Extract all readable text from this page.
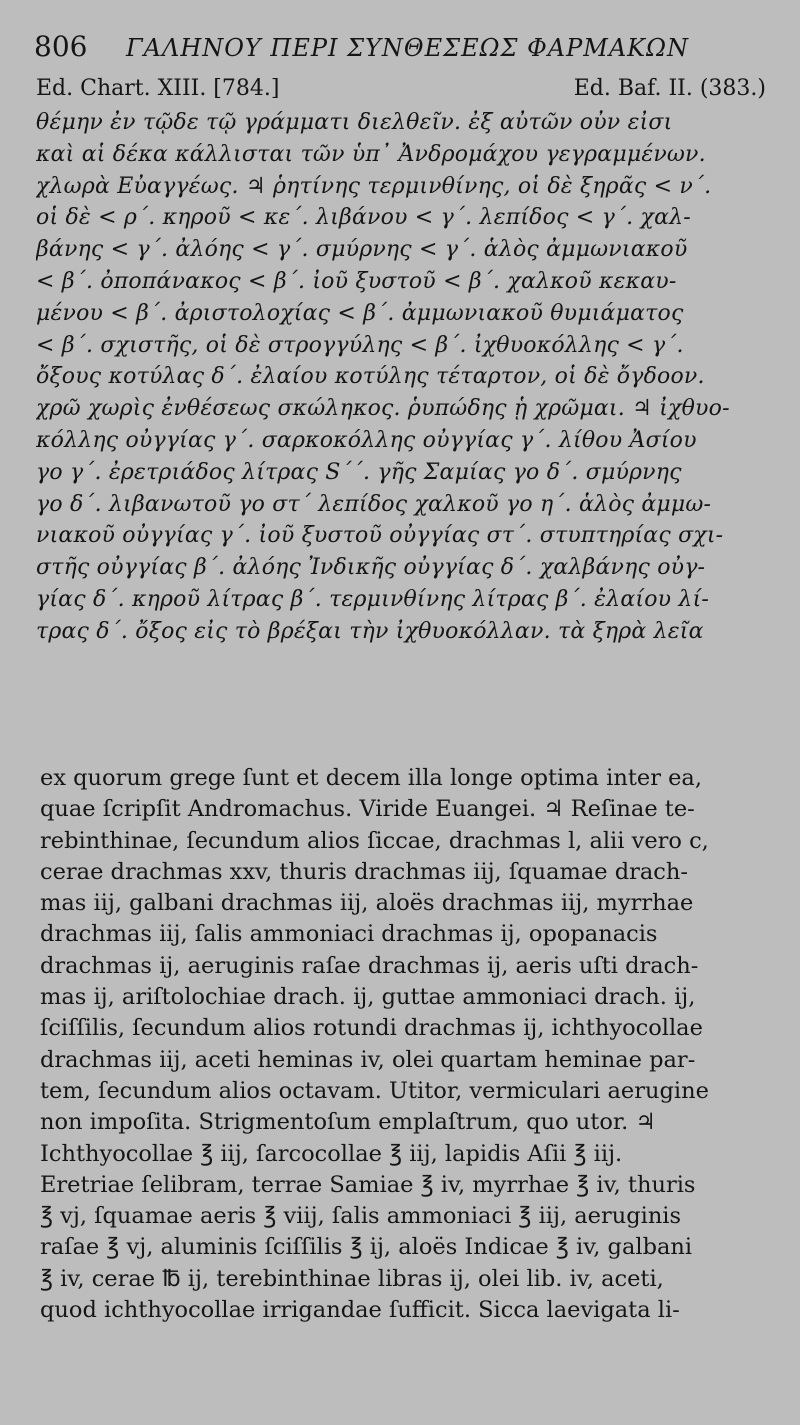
806 ΓΑΛΗΝΟΥ ΠΕΡΙ ΣΥΝΘΕΣΕΩΣ ΦΑΡΜΑΚΩΝ
Ed. Chart. XIII. [784.]	Ed. Baf. II. (383.)
θέμην ἐν τῷδε τῷ γράμματι διελθεῖν. ἐξ αὐτῶν οὖν εἰσι
καὶ αἱ δέκα κάλλισται τῶν ὑπ᾽ Ἀνδρομάχου γεγραμμένων.
χλωρὰ Εὐαγγέως. ♃ ῥητίνης τερμινθίνης, οἱ δὲ ξηρᾶς < ν΄.
οἱ δὲ < ρ΄. κηροῦ < κε΄. λιβάνου < γ΄. λεπίδος < γ΄. χαλ-
βάνης < γ΄. ἀλόης < γ΄. σμύρνης < γ΄. ἁλὸς ἀμμωνιακοῦ
< β΄. ὀποπάνακος < β΄. ἰοῦ ξυστοῦ < β΄. χαλκοῦ κεκαυ-
μένου < β΄. ἀριστολοχίας < β΄. ἀμμωνιακοῦ θυμιάματος
< β΄. σχιστῆς, οἱ δὲ στρογγύλης < β΄. ἰχθυοκόλλης < γ΄.
ὄξους κοτύλας δ΄. ἐλαίου κοτύλης τέταρτον, οἱ δὲ ὄγδοον.
χρῶ χωρὶς ἐνθέσεως σκώληκος. ῥυπώδης ᾗ χρῶμαι. ♃ ἰχθυο-
κόλλης οὐγγίας γ΄. σαρκοκόλλης οὐγγίας γ΄. λίθου Ἀσίου
γο γ΄. ἐρετριάδος λίτρας S΄΄. γῆς Σαμίας γο δ΄. σμύρνης
γο δ΄. λιβανωτοῦ γο στ΄ λεπίδος χαλκοῦ γο η΄. ἁλὸς ἀμμω-
νιακοῦ οὐγγίας γ΄. ἰοῦ ξυστοῦ οὐγγίας στ΄. στυπτηρίας σχι-
στῆς οὐγγίας β΄. ἀλόης Ἰνδικῆς οὐγγίας δ΄. χαλβάνης οὐγ-
γίας δ΄. κηροῦ λίτρας β΄. τερμινθίνης λίτρας β΄. ἐλαίου λί-
τρας δ΄. ὄξος εἰς τὸ βρέξαι τὴν ἰχθυοκόλλαν. τὰ ξηρὰ λεῖα
ex quorum grege ſunt et decem illa longe optima inter ea,
quae ſcripſit Andromachus. Viride Euangei. ♃ Reſinae te-
rebinthinae, ſecundum alios ſiccae, drachmas l, alii vero c,
cerae drachmas xxv, thuris drachmas iij, ſquamae drach-
mas iij, galbani drachmas iij, aloës drachmas iij, myrrhae
drachmas iij, ſalis ammoniaci drachmas ij, opopanacis
drachmas ij, aeruginis raſae drachmas ij, aeris uſti drach-
mas ij, ariſtolochiae drach. ij, guttae ammoniaci drach. ij,
ſciſſilis, ſecundum alios rotundi drachmas ij, ichthyocollae
drachmas iij, aceti heminas iv, olei quartam heminae par-
tem, ſecundum alios octavam. Utitor, vermiculari aerugine
non impoſita. Strigmentoſum emplaſtrum, quo utor. ♃
Ichthyocollae ℥ iij, ſarcocollae ℥ iij, lapidis Aſii ℥ iij.
Eretriae ſelibram, terrae Samiae ℥ iv, myrrhae ℥ iv, thuris
℥ vj, ſquamae aeris ℥ viij, ſalis ammoniaci ℥ iij, aeruginis
raſae ℥ vj, aluminis ſciſſilis ℥ ij, aloës Indicae ℥ iv, galbani
℥ iv, cerae ℔ ij, terebinthinae libras ij, olei lib. iv, aceti,
quod ichthyocollae irrigandae ſufficit. Sicca laevigata li-
